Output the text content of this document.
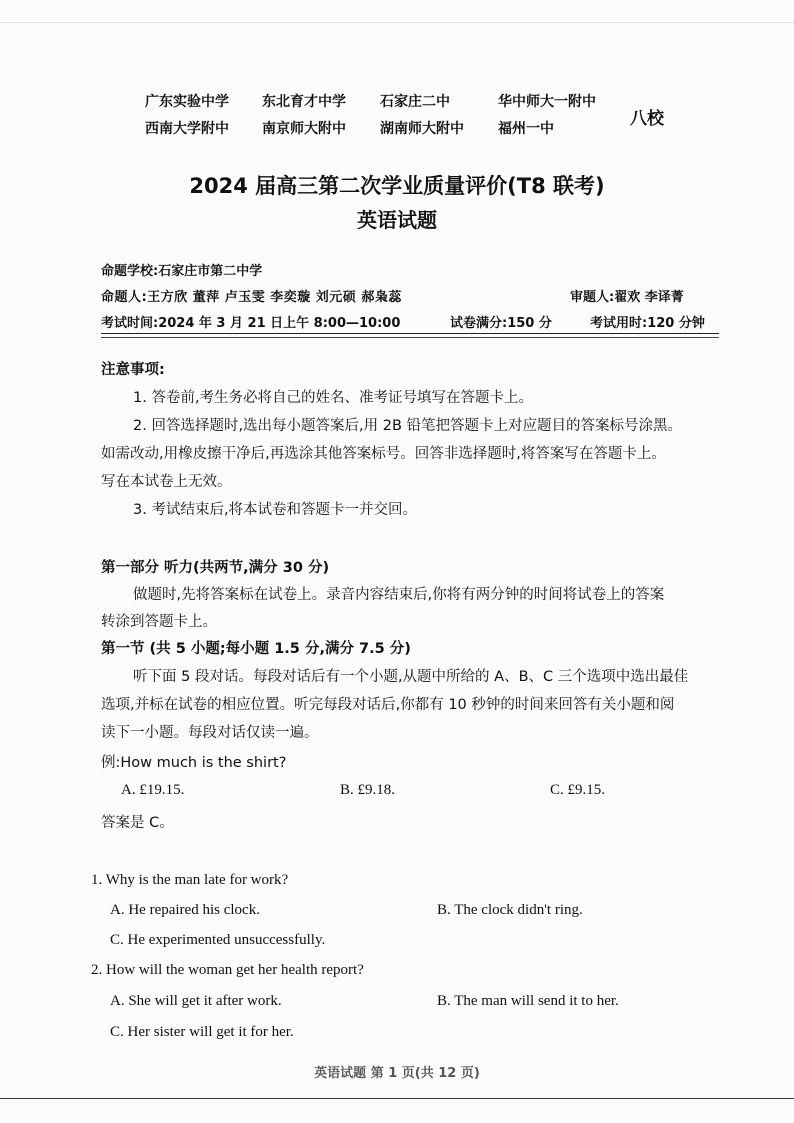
广东实验中学 东北育才中学 石家庄二中	华中师大一附中
西南大学附中 南京师大附中 湖南师大附中 福州一中	八校
2024 届高三第二次学业质量评价(T8 联考)
英语试题
命题学校:石家庄市第二中学
命题人:王方欣 董萍 卢玉雯 李奕璇 刘元硕 郝枭蕊	审题人:翟欢 李译菁
考试时间:2024 年 3 月 21 日上午 8:00—10:00	试卷满分:150 分	考试用时:120 分钟
注意事项:
1. 答卷前,考生务必将自己的姓名、准考证号填写在答题卡上。
2. 回答选择题时,选出每小题答案后,用 2B 铅笔把答题卡上对应题目的答案标号涂黑。
如需改动,用橡皮擦干净后,再选涂其他答案标号。回答非选择题时,将答案写在答题卡上。
写在本试卷上无效。
3. 考试结束后,将本试卷和答题卡一并交回。
第一部分 听力(共两节,满分 30 分)
做题时,先将答案标在试卷上。录音内容结束后,你将有两分钟的时间将试卷上的答案
转涂到答题卡上。
第一节 (共 5 小题;每小题 1.5 分,满分 7.5 分)
听下面 5 段对话。每段对话后有一个小题,从题中所给的 A、B、C 三个选项中选出最佳
选项,并标在试卷的相应位置。听完每段对话后,你都有 10 秒钟的时间来回答有关小题和阅
读下一小题。每段对话仅读一遍。
例:How much is the shirt?
A. £19.15.	B. £9.18.	C. £9.15.
答案是 C。
1. Why is the man late for work?
A. He repaired his clock.	B. The clock didn't ring.
C. He experimented unsuccessfully.
2. How will the woman get her health report?
A. She will get it after work.	B. The man will send it to her.
C. Her sister will get it for her.
英语试题 第 1 页(共 12 页)
